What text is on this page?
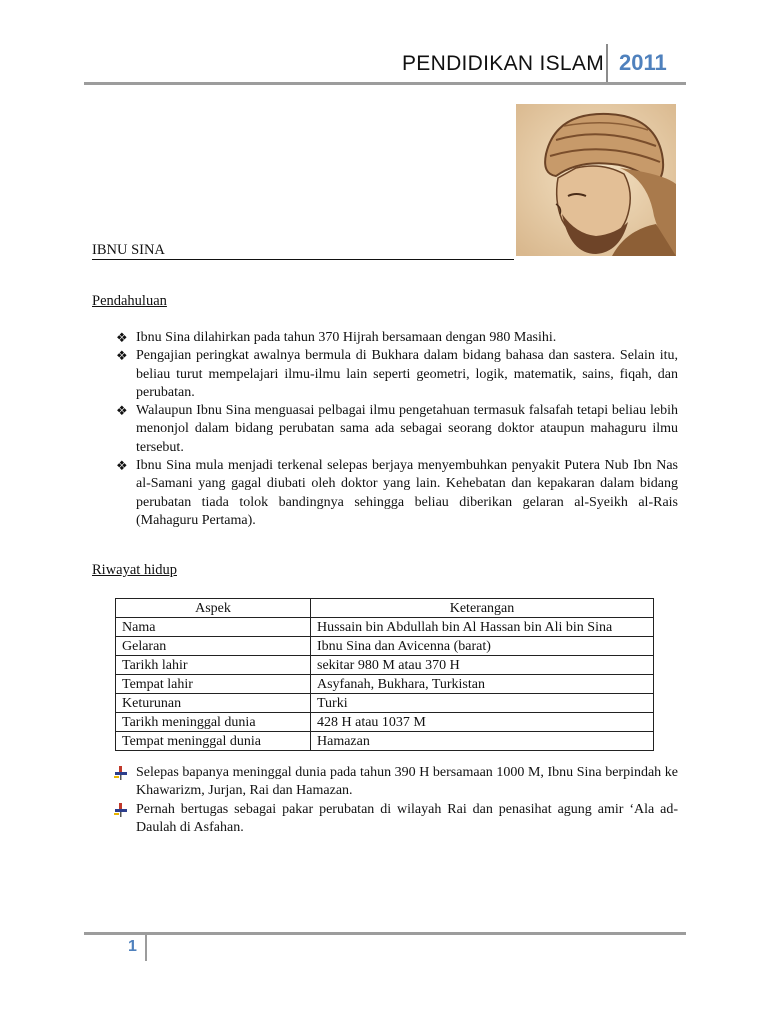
PENDIDIKAN ISLAM 2011
IBNU SINA
Pendahuluan
❖ Ibnu Sina dilahirkan pada tahun 370 Hijrah bersamaan dengan 980 Masihi.
❖ Pengajian peringkat awalnya bermula di Bukhara dalam bidang bahasa dan sastera. Selain itu, beliau turut mempelajari ilmu-ilmu lain seperti geometri, logik, matematik, sains, fiqah, dan perubatan.
❖ Walaupun Ibnu Sina menguasai pelbagai ilmu pengetahuan termasuk falsafah tetapi beliau lebih menonjol dalam bidang perubatan sama ada sebagai seorang doktor ataupun mahaguru ilmu tersebut.
❖ Ibnu Sina mula menjadi terkenal selepas berjaya menyembuhkan penyakit Putera Nub Ibn Nas al-Samani yang gagal diubati oleh doktor yang lain. Kehebatan dan kepakaran dalam bidang perubatan tiada tolok bandingnya sehingga beliau diberikan gelaran al-Syeikh al-Rais (Mahaguru Pertama).
Riwayat hidup
Aspek	Keterangan
Nama	Hussain bin Abdullah bin Al Hassan bin Ali bin Sina
Gelaran	Ibnu Sina dan Avicenna (barat)
Tarikh lahir	sekitar 980 M atau 370 H
Tempat lahir	Asyfanah, Bukhara, Turkistan
Keturunan	Turki
Tarikh meninggal dunia	428 H atau 1037 M
Tempat meninggal dunia	Hamazan
Selepas bapanya meninggal dunia pada tahun 390 H bersamaan 1000 M, Ibnu Sina berpindah ke Khawarizm, Jurjan, Rai dan Hamazan.
Pernah bertugas sebagai pakar perubatan di wilayah Rai dan penasihat agung amir ‘Ala ad-Daulah di Asfahan.
1
